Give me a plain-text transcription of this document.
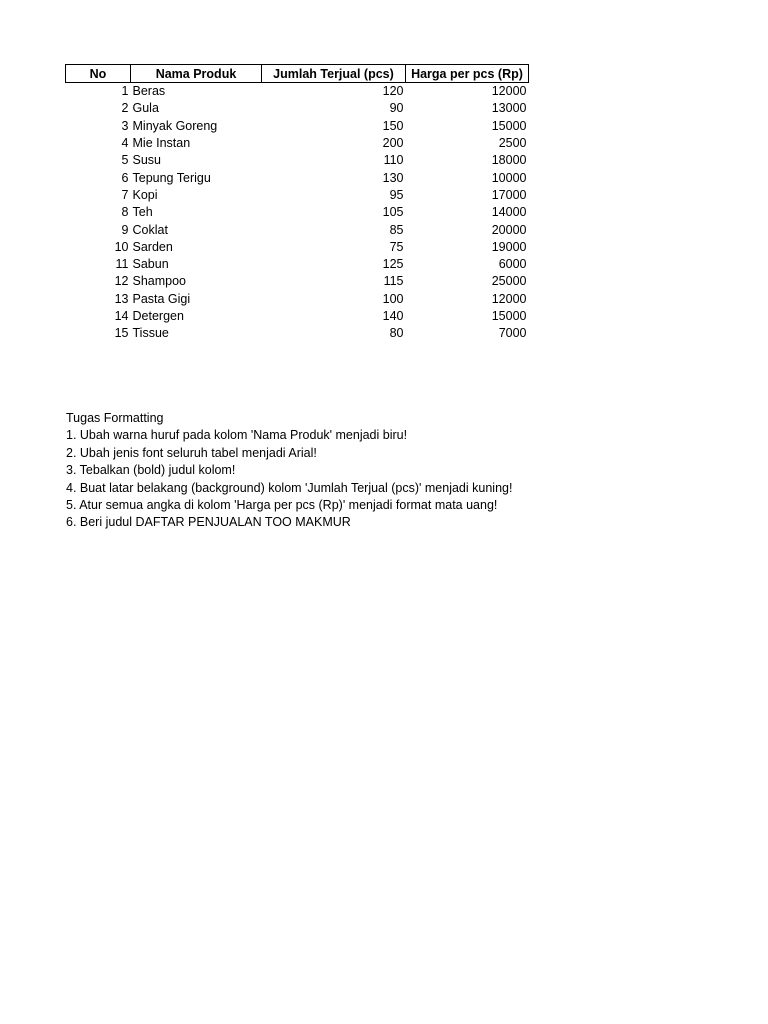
No	Nama Produk	Jumlah Terjual (pcs)	Harga per pcs (Rp)
1	Beras	120	12000
2	Gula	90	13000
3	Minyak Goreng	150	15000
4	Mie Instan	200	2500
5	Susu	110	18000
6	Tepung Terigu	130	10000
7	Kopi	95	17000
8	Teh	105	14000
9	Coklat	85	20000
10	Sarden	75	19000
11	Sabun	125	6000
12	Shampoo	115	25000
13	Pasta Gigi	100	12000
14	Detergen	140	15000
15	Tissue	80	7000
Tugas Formatting
1. Ubah warna huruf pada kolom 'Nama Produk' menjadi biru!
2. Ubah jenis font seluruh tabel menjadi Arial!
3. Tebalkan (bold) judul kolom!
4. Buat latar belakang (background) kolom 'Jumlah Terjual (pcs)' menjadi kuning!
5. Atur semua angka di kolom 'Harga per pcs (Rp)' menjadi format mata uang!
6. Beri judul DAFTAR PENJUALAN TOO MAKMUR
